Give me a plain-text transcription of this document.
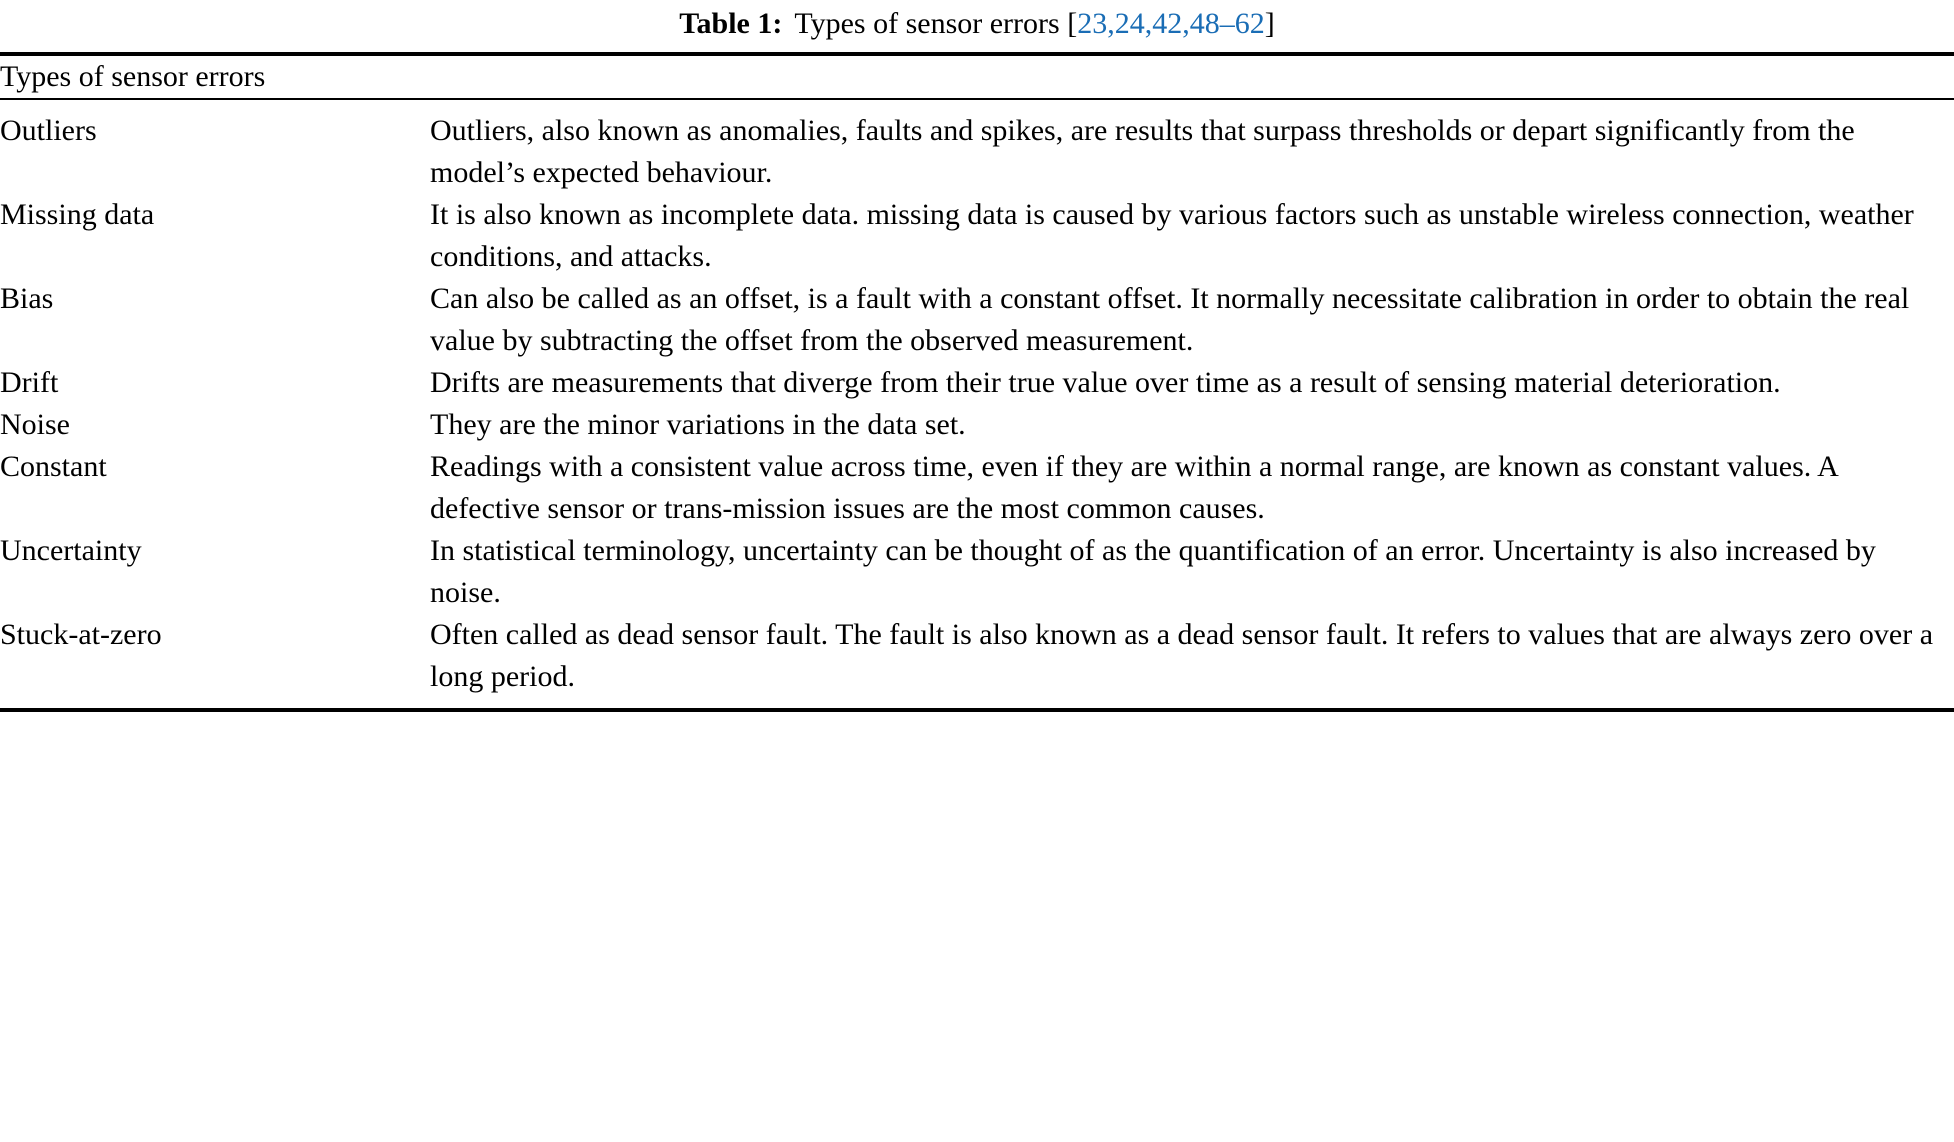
Table 1: Types of sensor errors [23,24,42,48–62]
Types of sensor errors	
Outliers	Outliers, also known as anomalies, faults and spikes, are results that surpass thresholds or depart significantly from the model’s expected behaviour.
Missing data	It is also known as incomplete data. missing data is caused by various factors such as unstable wireless connection, weather conditions, and attacks.
Bias	Can also be called as an offset, is a fault with a constant offset. It normally necessitate calibration in order to obtain the real value by subtracting the offset from the observed measurement.
Drift	Drifts are measurements that diverge from their true value over time as a result of sensing material deterioration.
Noise	They are the minor variations in the data set.
Constant	Readings with a consistent value across time, even if they are within a normal range, are known as constant values. A defective sensor or trans-mission issues are the most common causes.
Uncertainty	In statistical terminology, uncertainty can be thought of as the quantification of an error. Uncertainty is also increased by noise.
Stuck-at-zero	Often called as dead sensor fault. The fault is also known as a dead sensor fault. It refers to values that are always zero over a long period.
